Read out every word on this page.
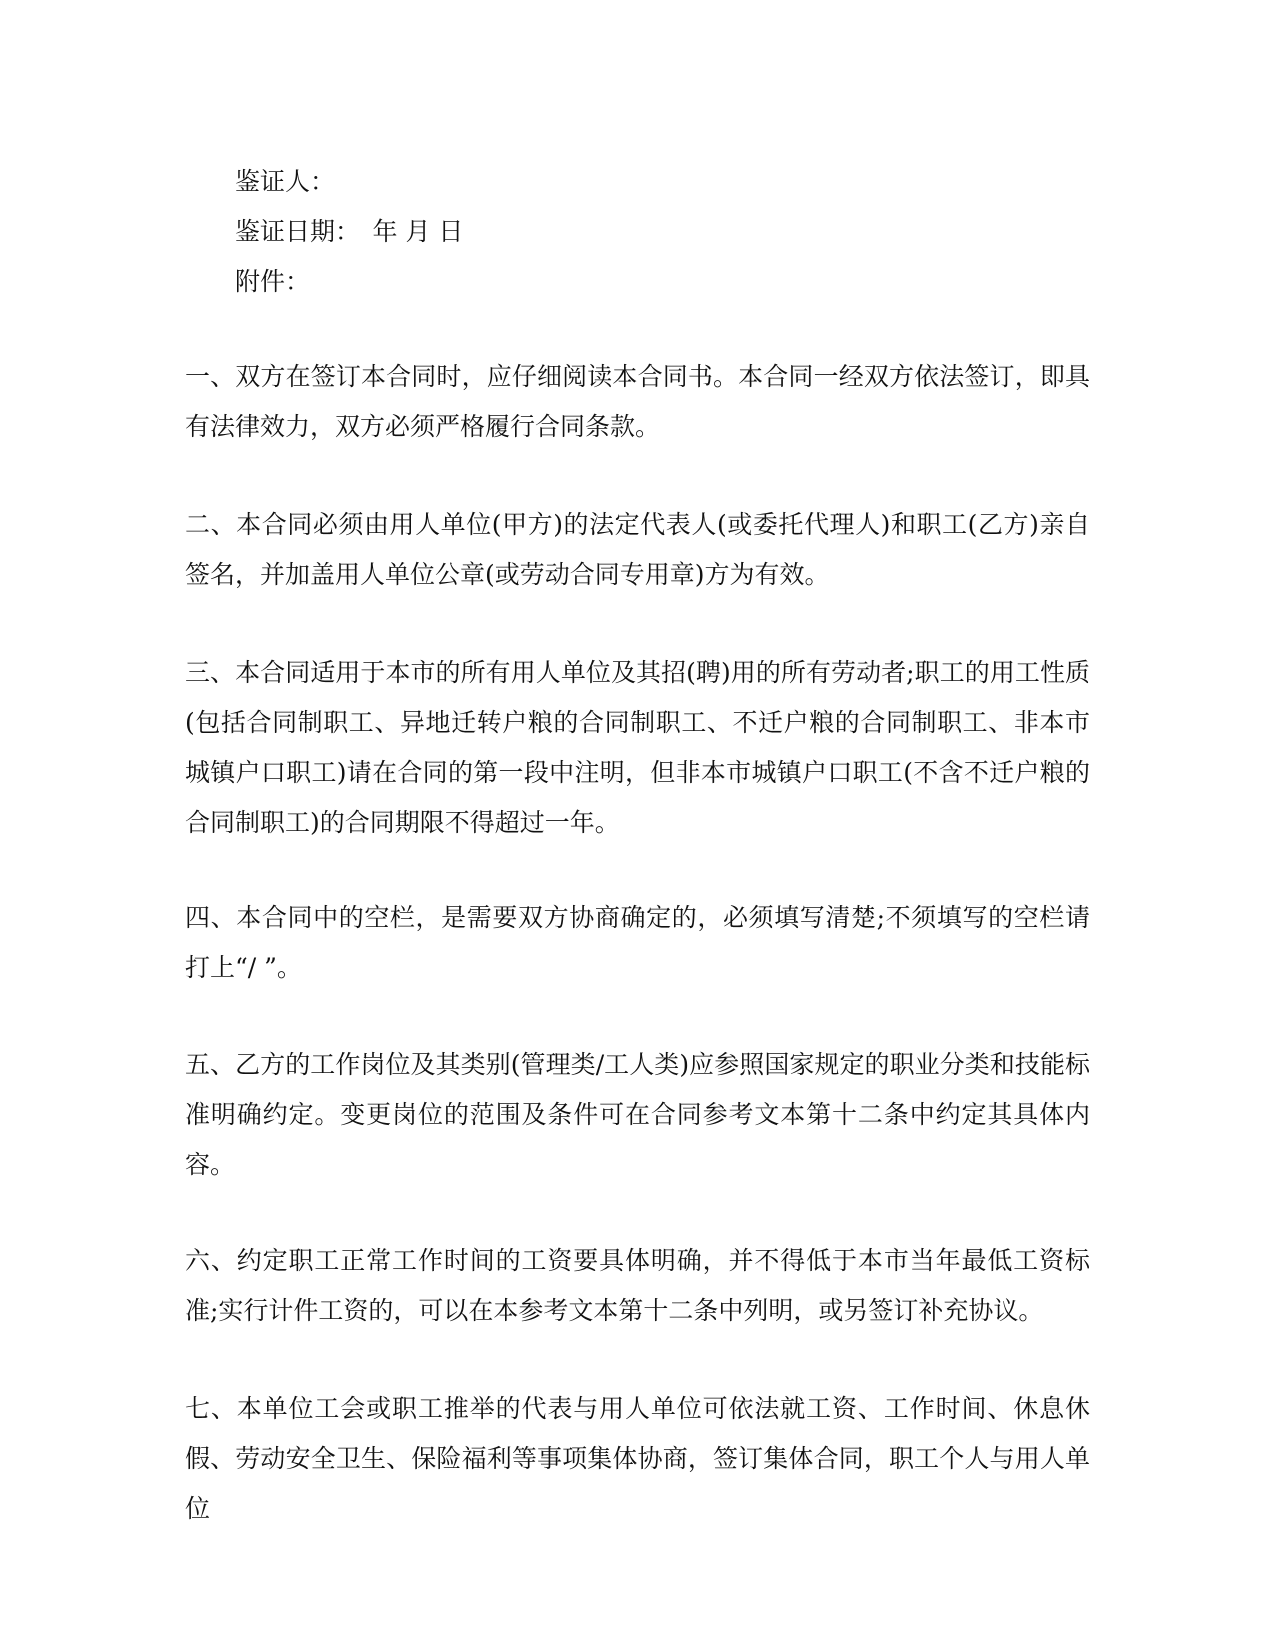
鉴证人：
鉴证日期：　年 月 日
附件：
一、双方在签订本合同时，应仔细阅读本合同书。本合同一经双方依法签订，即具有法律效力，双方必须严格履行合同条款。
二、本合同必须由用人单位(甲方)的法定代表人(或委托代理人)和职工(乙方)亲自签名，并加盖用人单位公章(或劳动合同专用章)方为有效。
三、本合同适用于本市的所有用人单位及其招(聘)用的所有劳动者;职工的用工性质(包括合同制职工、异地迁转户粮的合同制职工、不迁户粮的合同制职工、非本市城镇户口职工)请在合同的第一段中注明，但非本市城镇户口职工(不含不迁户粮的合同制职工)的合同期限不得超过一年。
四、本合同中的空栏，是需要双方协商确定的，必须填写清楚;不须填写的空栏请打上“/ ”。
五、乙方的工作岗位及其类别(管理类/工人类)应参照国家规定的职业分类和技能标准明确约定。变更岗位的范围及条件可在合同参考文本第十二条中约定其具体内容。
六、约定职工正常工作时间的工资要具体明确，并不得低于本市当年最低工资标准;实行计件工资的，可以在本参考文本第十二条中列明，或另签订补充协议。
七、本单位工会或职工推举的代表与用人单位可依法就工资、工作时间、休息休假、劳动安全卫生、保险福利等事项集体协商，签订集体合同，职工个人与用人单位
